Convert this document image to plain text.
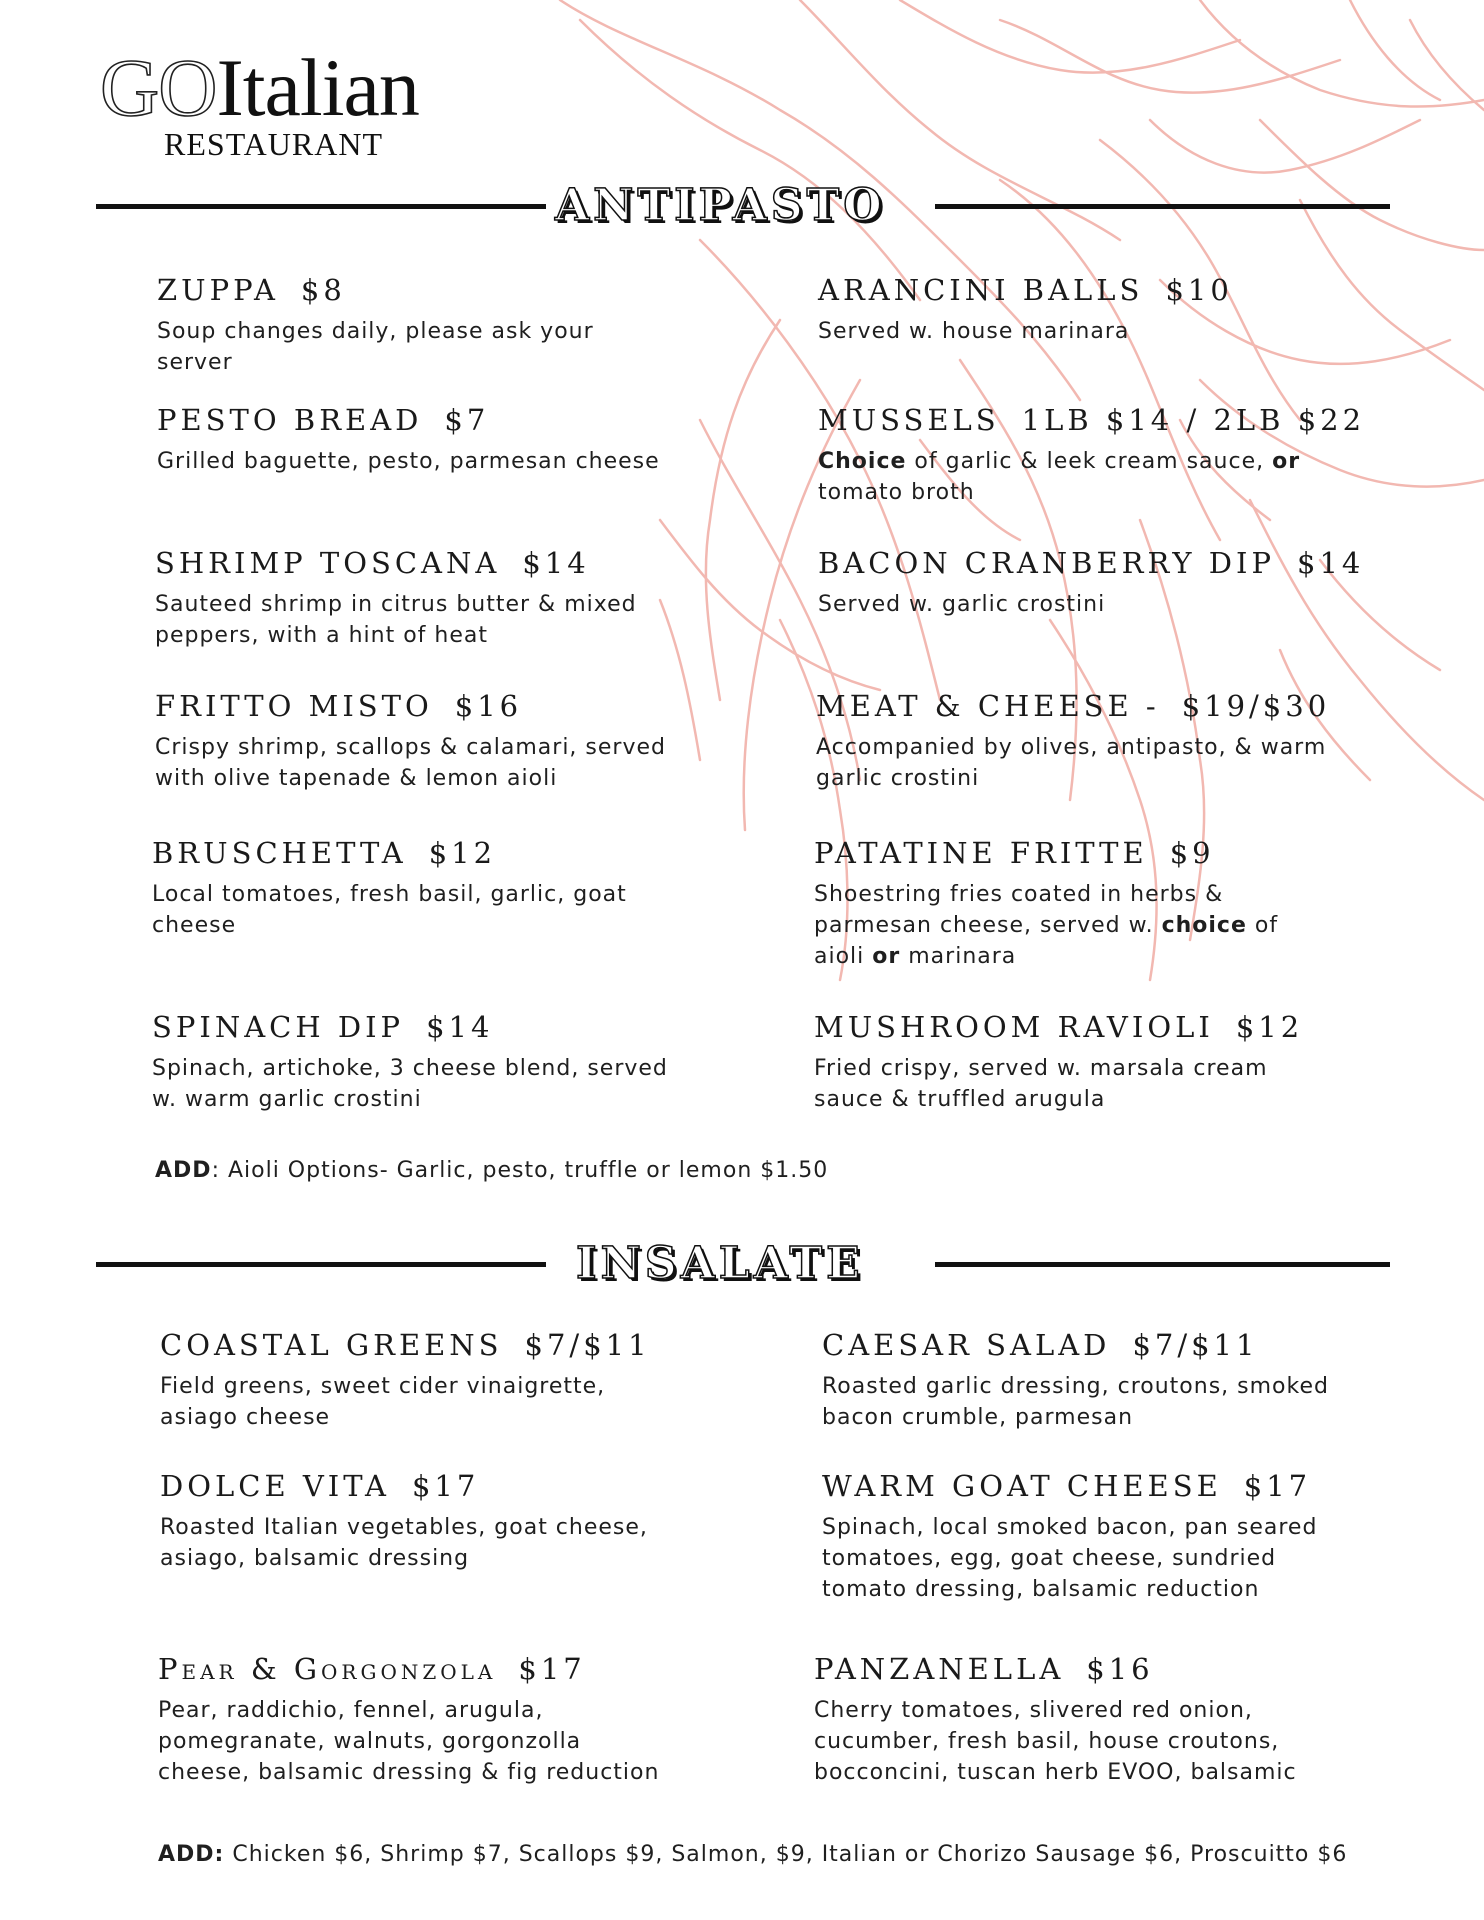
GOItalian
RESTAURANT
ANTIPASTO
ZUPPA $8
Soup changes daily, please ask your server
ARANCINI BALLS $10
Served w. house marinara
PESTO BREAD $7
Grilled baguette, pesto, parmesan cheese
MUSSELS 1LB $14 / 2LB $22
Choice of garlic & leek cream sauce, or tomato broth
SHRIMP TOSCANA $14
Sauteed shrimp in citrus butter & mixed peppers, with a hint of heat
BACON CRANBERRY DIP $14
Served w. garlic crostini
FRITTO MISTO $16
Crispy shrimp, scallops & calamari, served with olive tapenade & lemon aioli
MEAT & CHEESE - $19/$30
Accompanied by olives, antipasto, & warm garlic crostini
BRUSCHETTA $12
Local tomatoes, fresh basil, garlic, goat cheese
PATATINE FRITTE $9
Shoestring fries coated in herbs & parmesan cheese, served w. choice of aioli or marinara
SPINACH DIP $14
Spinach, artichoke, 3 cheese blend, served w. warm garlic crostini
MUSHROOM RAVIOLI $12
Fried crispy, served w. marsala cream sauce & truffled arugula
ADD: Aioli Options- Garlic, pesto, truffle or lemon $1.50
INSALATE
COASTAL GREENS $7/$11
Field greens, sweet cider vinaigrette, asiago cheese
CAESAR SALAD $7/$11
Roasted garlic dressing, croutons, smoked bacon crumble, parmesan
DOLCE VITA $17
Roasted Italian vegetables, goat cheese, asiago, balsamic dressing
WARM GOAT CHEESE $17
Spinach, local smoked bacon, pan seared tomatoes, egg, goat cheese, sundried tomato dressing, balsamic reduction
Pear & Gorgonzola $17
Pear, raddichio, fennel, arugula, pomegranate, walnuts, gorgonzolla cheese, balsamic dressing & fig reduction
PANZANELLA $16
Cherry tomatoes, slivered red onion, cucumber, fresh basil, house croutons, bocconcini, tuscan herb EVOO, balsamic
ADD: Chicken $6, Shrimp $7, Scallops $9, Salmon, $9, Italian or Chorizo Sausage $6, Proscuitto $6
